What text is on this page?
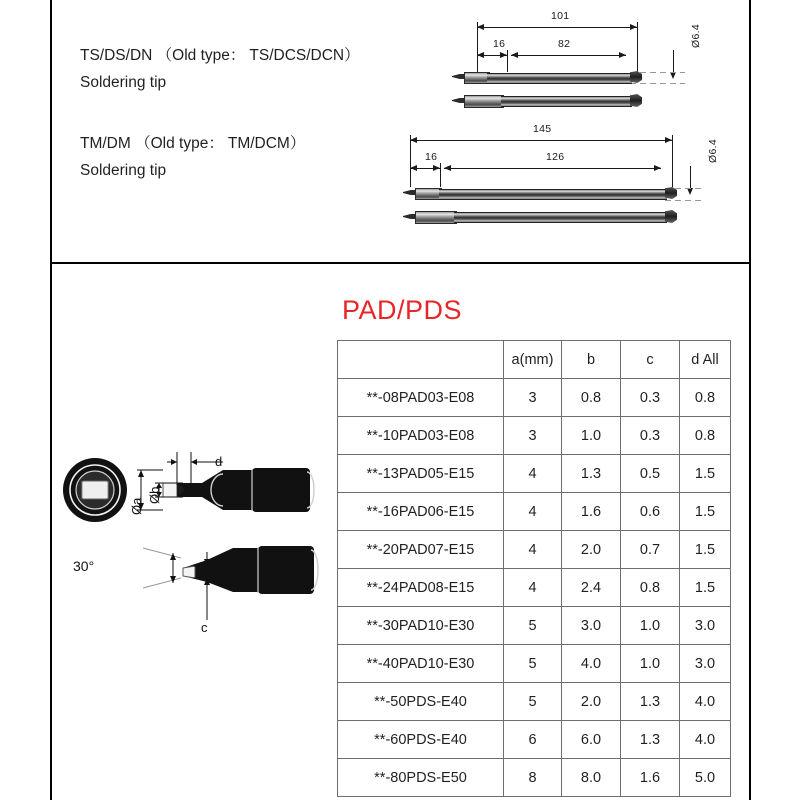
TS/DS/DN （Old type： TS/DCS/DCN）
Soldering tip
TM/DM （Old type： TM/DCM）
Soldering tip
101
16	82	Ø6.4
145
16	126	Ø6.4
PAD/PDS
Øa
Øb
d
c
30°
	a(mm)	b	c	d All
**-08PAD03-E08	3	0.8	0.3	0.8
**-10PAD03-E08	3	1.0	0.3	0.8
**-13PAD05-E15	4	1.3	0.5	1.5
**-16PAD06-E15	4	1.6	0.6	1.5
**-20PAD07-E15	4	2.0	0.7	1.5
**-24PAD08-E15	4	2.4	0.8	1.5
**-30PAD10-E30	5	3.0	1.0	3.0
**-40PAD10-E30	5	4.0	1.0	3.0
**-50PDS-E40	5	2.0	1.3	4.0
**-60PDS-E40	6	6.0	1.3	4.0
**-80PDS-E50	8	8.0	1.6	5.0
